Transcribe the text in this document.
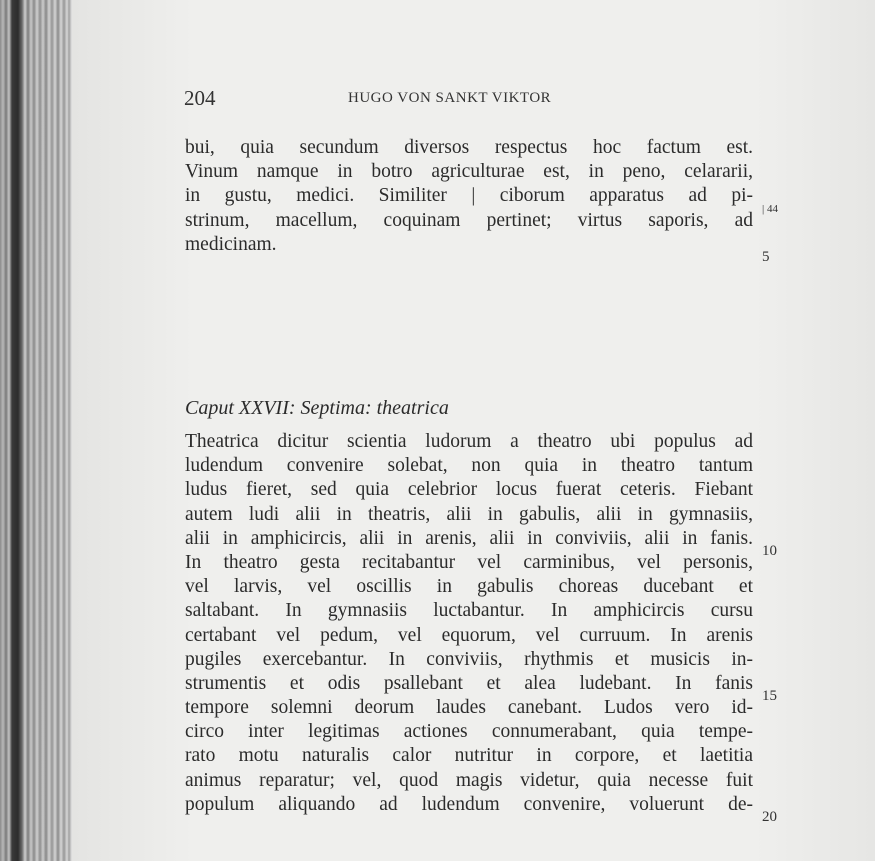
204	HUGO VON SANKT VIKTOR
bui, quia secundum diversos respectus hoc factum est.
Vinum namque in botro agriculturae est, in peno, celararii,
in gustu, medici. Similiter | ciborum apparatus ad pi-
strinum, macellum, coquinam pertinet; virtus saporis, ad
medicinam.
Caput XXVII: Septima: theatrica
Theatrica dicitur scientia ludorum a theatro ubi populus ad
ludendum convenire solebat, non quia in theatro tantum
ludus fieret, sed quia celebrior locus fuerat ceteris. Fiebant
autem ludi alii in theatris, alii in gabulis, alii in gymnasiis,
alii in amphicircis, alii in arenis, alii in conviviis, alii in fanis.
In theatro gesta recitabantur vel carminibus, vel personis,
vel larvis, vel oscillis in gabulis choreas ducebant et
saltabant. In gymnasiis luctabantur. In amphicircis cursu
certabant vel pedum, vel equorum, vel curruum. In arenis
pugiles exercebantur. In conviviis, rhythmis et musicis in-
strumentis et odis psallebant et alea ludebant. In fanis
tempore solemni deorum laudes canebant. Ludos vero id-
circo inter legitimas actiones connumerabant, quia tempe-
rato motu naturalis calor nutritur in corpore, et laetitia
animus reparatur; vel, quod magis videtur, quia necesse fuit
populum aliquando ad ludendum convenire, voluerunt de-
| 44
5
10
15
20
